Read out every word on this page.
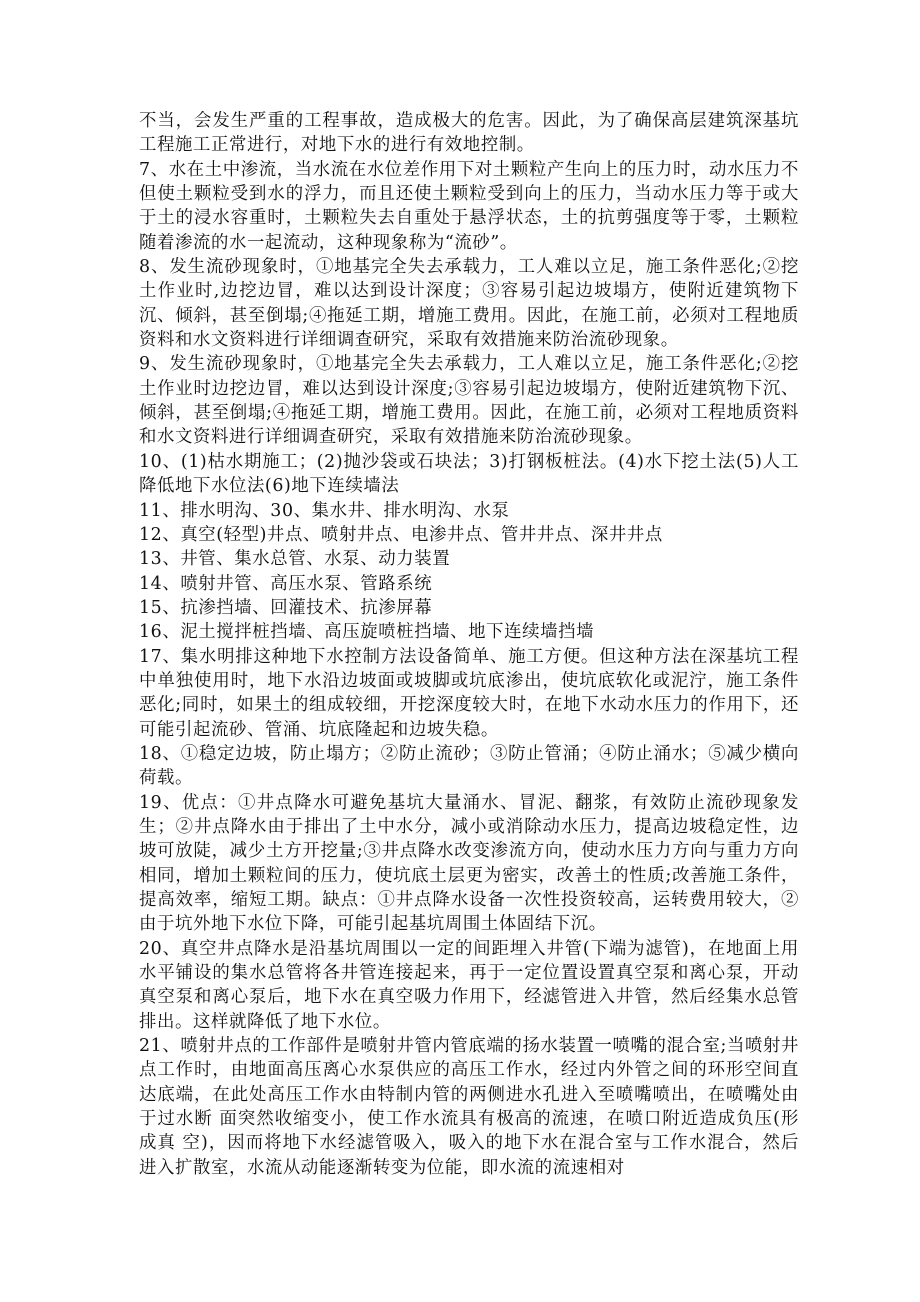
不当，会发生严重的工程事故，造成极大的危害。因此，为了确保高层建筑深基坑工程施工正常进行，对地下水的进行有效地控制。

7、水在土中渗流，当水流在水位差作用下对土颗粒产生向上的压力时，动水压力不但使土颗粒受到水的浮力，而且还使土颗粒受到向上的压力，当动水压力等于或大于土的浸水容重时，土颗粒失去自重处于悬浮状态，土的抗剪强度等于零，土颗粒随着渗流的水一起流动，这种现象称为“流砂”。

8、发生流砂现象时，①地基完全失去承载力，工人难以立足，施工条件恶化;②挖土作业时,边挖边冒，难以达到设计深度；③容易引起边坡塌方，使附近建筑物下沉、倾斜，甚至倒塌;④拖延工期，增施工费用。因此，在施工前，必须对工程地质资料和水文资料进行详细调查研究，采取有效措施来防治流砂现象。

9、发生流砂现象时，①地基完全失去承载力，工人难以立足，施工条件恶化;②挖土作业时边挖边冒，难以达到设计深度;③容易引起边坡塌方，使附近建筑物下沉、倾斜，甚至倒塌;④拖延工期，增施工费用。因此，在施工前，必须对工程地质资料和水文资料进行详细调查研究，采取有效措施来防治流砂现象。

10、(1)枯水期施工；(2)抛沙袋或石块法；3)打钢板桩法。(4)水下挖土法(5)人工降低地下水位法(6)地下连续墙法

11、排水明沟、30、集水井、排水明沟、水泵

12、真空(轻型)井点、喷射井点、电渗井点、管井井点、深井井点

13、井管、集水总管、水泵、动力装置

14、喷射井管、高压水泵、管路系统

15、抗渗挡墙、回灌技术、抗渗屏幕

16、泥土搅拌桩挡墙、高压旋喷桩挡墙、地下连续墙挡墙

17、集水明排这种地下水控制方法设备简单、施工方便。但这种方法在深基坑工程中单独使用时，地下水沿边坡面或坡脚或坑底渗出，使坑底软化或泥泞，施工条件恶化;同时，如果土的组成较细，开挖深度较大时，在地下水动水压力的作用下，还可能引起流砂、管涌、坑底隆起和边坡失稳。

18、①稳定边坡，防止塌方；②防止流砂；③防止管涌；④防止涌水；⑤减少横向荷载。

19、优点：①井点降水可避免基坑大量涌水、冒泥、翻浆，有效防止流砂现象发生；②井点降水由于排出了土中水分，减小或消除动水压力，提高边坡稳定性，边坡可放陡，减少土方开挖量;③井点降水改变渗流方向，使动水压力方向与重力方向相同，增加土颗粒间的压力，使坑底土层更为密实，改善土的性质;改善施工条件，提高效率，缩短工期。缺点：①井点降水设备一次性投资较高，运转费用较大，②由于坑外地下水位下降，可能引起基坑周围土体固结下沉。

20、真空井点降水是沿基坑周围以一定的间距埋入井管(下端为滤管)，在地面上用水平铺设的集水总管将各井管连接起来，再于一定位置设置真空泵和离心泵，开动真空泵和离心泵后，地下水在真空吸力作用下，经滤管进入井管，然后经集水总管排出。这样就降低了地下水位。

21、喷射井点的工作部件是喷射井管内管底端的扬水装置一喷嘴的混合室;当喷射井点工作时，由地面高压离心水泵供应的高压工作水，经过内外管之间的环形空间直 达底端，在此处高压工作水由特制内管的两侧进水孔进入至喷嘴喷出，在喷嘴处由于过水断 面突然收缩变小，使工作水流具有极高的流速，在喷口附近造成负压(形成真 空)，因而将地下水经滤管吸入，吸入的地下水在混合室与工作水混合，然后进入扩散室，水流从动能逐渐转变为位能，即水流的流速相对
